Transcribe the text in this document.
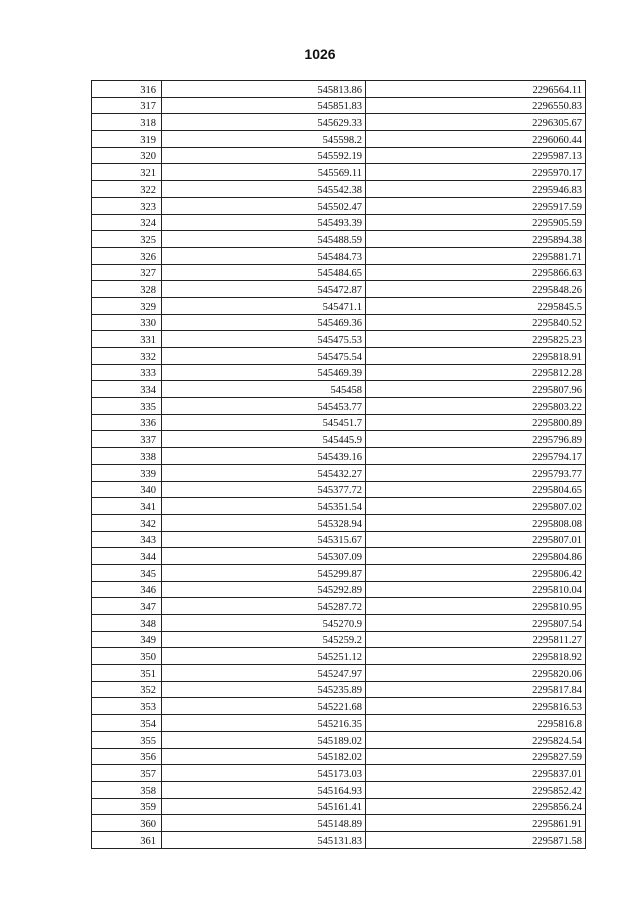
1026
316	545813.86	2296564.11
317	545851.83	2296550.83
318	545629.33	2296305.67
319	545598.2	2296060.44
320	545592.19	2295987.13
321	545569.11	2295970.17
322	545542.38	2295946.83
323	545502.47	2295917.59
324	545493.39	2295905.59
325	545488.59	2295894.38
326	545484.73	2295881.71
327	545484.65	2295866.63
328	545472.87	2295848.26
329	545471.1	2295845.5
330	545469.36	2295840.52
331	545475.53	2295825.23
332	545475.54	2295818.91
333	545469.39	2295812.28
334	545458	2295807.96
335	545453.77	2295803.22
336	545451.7	2295800.89
337	545445.9	2295796.89
338	545439.16	2295794.17
339	545432.27	2295793.77
340	545377.72	2295804.65
341	545351.54	2295807.02
342	545328.94	2295808.08
343	545315.67	2295807.01
344	545307.09	2295804.86
345	545299.87	2295806.42
346	545292.89	2295810.04
347	545287.72	2295810.95
348	545270.9	2295807.54
349	545259.2	2295811.27
350	545251.12	2295818.92
351	545247.97	2295820.06
352	545235.89	2295817.84
353	545221.68	2295816.53
354	545216.35	2295816.8
355	545189.02	2295824.54
356	545182.02	2295827.59
357	545173.03	2295837.01
358	545164.93	2295852.42
359	545161.41	2295856.24
360	545148.89	2295861.91
361	545131.83	2295871.58
